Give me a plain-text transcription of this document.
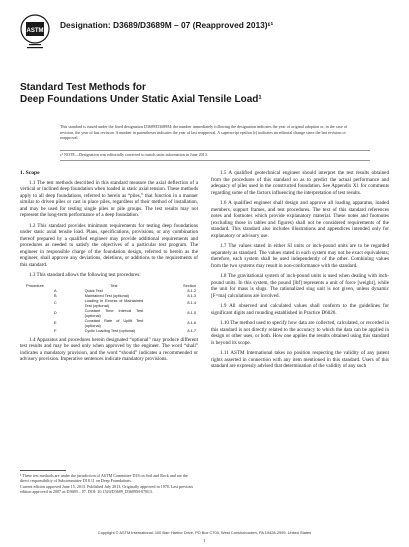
ASTM
Designation: D3689/D3689M – 07 (Reapproved 2013)ᵋ¹
Standard Test Methods for
Deep Foundations Under Static Axial Tensile Load¹
This standard is issued under the fixed designation D3689/D3689M; the number immediately following the designation indicates the year of original adoption or, in the case of revision, the year of last revision. A number in parentheses indicates the year of last reapproval. A superscript epsilon (ε) indicates an editorial change since the last revision or reapproval.
ε¹ NOTE—Designation was editorially corrected to match units information in June 2013.
1. Scope

1.1 The test methods described in this standard measure the axial deflection of a vertical or inclined deep foundation when loaded in static axial tension. These methods apply to all deep foundations, referred to herein as “piles,” that function in a manner similar to driven piles or cast in place piles, regardless of their method of installation, and may be used for testing single piles or pile groups. The test results may not represent the long-term performance of a deep foundation.

1.2 This standard provides minimum requirements for testing deep foundations under static axial tensile load. Plans, specifications, provisions, or any combination thereof prepared by a qualified engineer may provide additional requirements and procedures as needed to satisfy the objectives of a particular test program. The engineer in responsible charge of the foundation design, referred to herein as the engineer, shall approve any deviations, deletions, or additions to the requirements of this standard.

1.3 This standard allows the following test procedures:

Procedure	Test	Section
A	Quick Test	8.1.2
B	Maintained Test (optional)	8.1.3
C	Loading in Excess of Maintained Test (optional)	8.1.4
D	Constant Time Interval Test (optional)	8.1.5
E	Constant Rate of Uplift Test (optional)	8.1.6
F	Cyclic Loading Test (optional)	8.1.7

1.4 Apparatus and procedures herein designated “optional” may produce different test results and may be used only when approved by the engineer. The word “shall” indicates a mandatory provision, and the word “should” indicates a recommended or advisory provision. Imperative sentences indicate mandatory provisions.

1.5 A qualified geotechnical engineer should interpret the test results obtained from the procedures of this standard so as to predict the actual performance and adequacy of piles used in the constructed foundation. See Appendix X1 for comments regarding some of the factors influencing the interpretation of test results.

1.6 A qualified engineer shall design and approve all loading apparatus, loaded members, support frames, and test procedures. The text of this standard references notes and footnotes which provide explanatory material. These notes and footnotes (excluding those in tables and figures) shall not be considered requirements of the standard. This standard also includes illustrations and appendices intended only for explanatory or advisory use.

1.7 The values stated in either SI units or inch-pound units are to be regarded separately as standard. The values stated in each system may not be exact equivalents; therefore, each system shall be used independently of the other. Combining values from the two systems may result in non-conformance with the standard.

1.8 The gravitational system of inch-pound units is used when dealing with inch-pound units. In this system, the pound [lbf] represents a unit of force [weight], while the unit for mass is slugs. The rationalized slug unit is not given, unless dynamic [F=ma] calculations are involved.

1.9 All observed and calculated values shall conform to the guidelines for significant digits and rounding established in Practice D6026.

1.10 The method used to specify how data are collected, calculated, or recorded in this standard is not directly related to the accuracy to which the data can be applied in design or other uses, or both. How one applies the results obtained using this standard is beyond its scope.

1.11 ASTM International takes no position respecting the validity of any patent rights asserted in connection with any item mentioned in this standard. Users of this standard are expressly advised that determination of the validity of any such

¹ These test methods are under the jurisdiction of ASTM Committee D18 on Soil and Rock and are the direct responsibility of Subcommittee D18.11 on Deep Foundations.
Current edition approved June 15, 2013. Published July 2013. Originally approved in 1978. Last previous edition approved in 2007 as D3689 – 07. DOI: 10.1520/D3689_D3689M-07R13.
Copyright © ASTM International, 100 Barr Harbor Drive, PO Box C700, West Conshohocken, PA 19428-2959. United States
1
